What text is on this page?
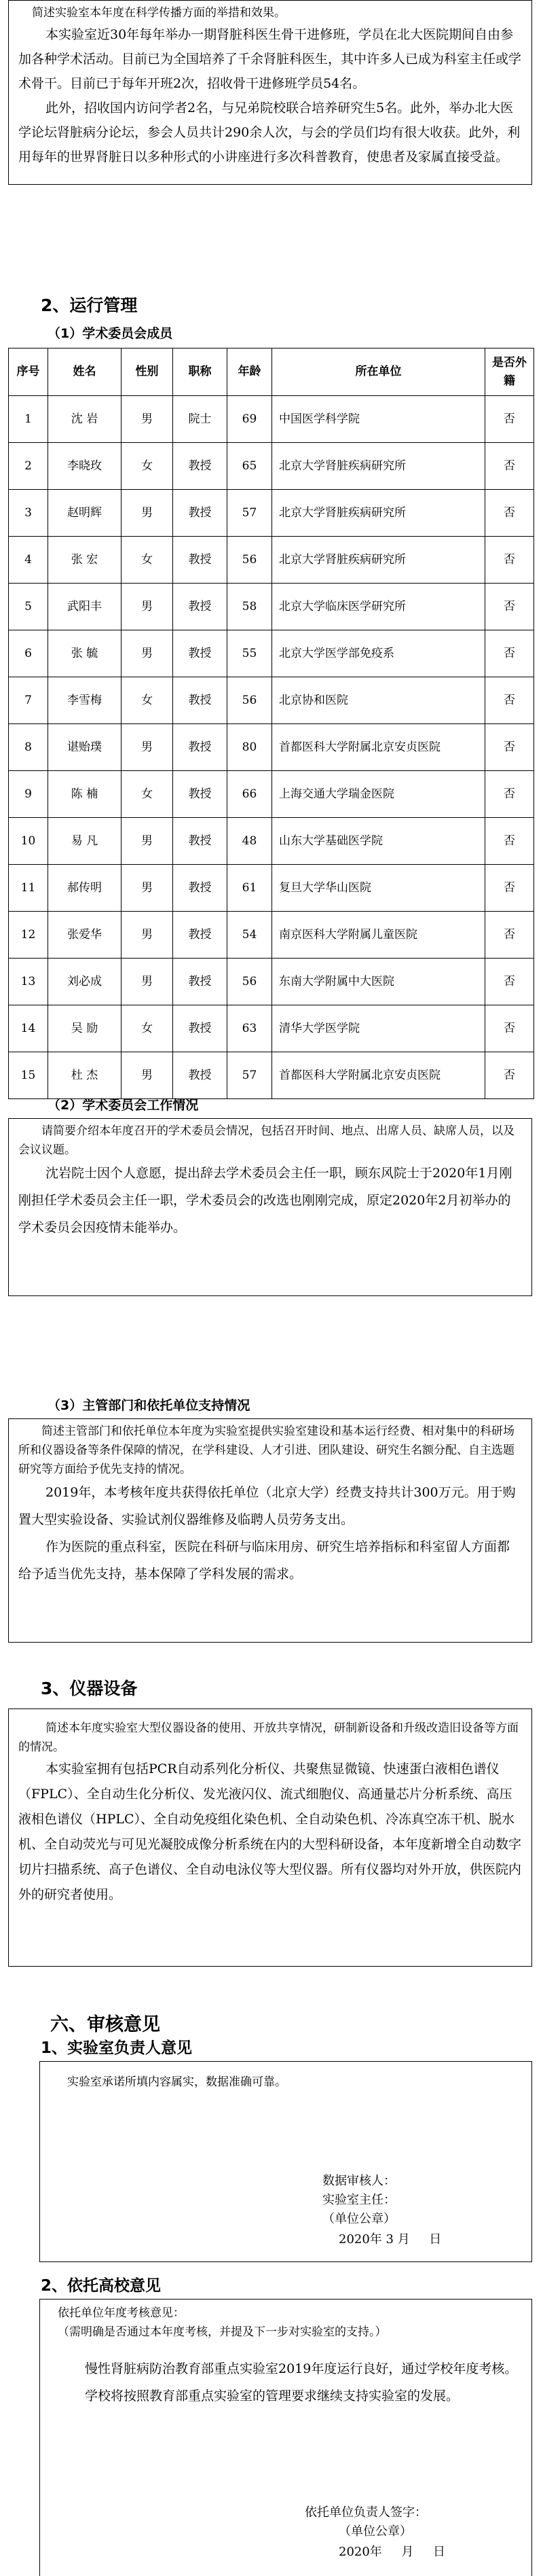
简述实验室本年度在科学传播方面的举措和效果。

本实验室近30年每年举办一期肾脏科医生骨干进修班，学员在北大医院期间自由参加各种学术活动。目前已为全国培养了千余肾脏科医生，其中许多人已成为科室主任或学术骨干。目前已于每年开班2次，招收骨干进修班学员54名。

此外，招收国内访问学者2名，与兄弟院校联合培养研究生5名。此外，举办北大医学论坛肾脏病分论坛，参会人员共计290余人次，与会的学员们均有很大收获。此外，利用每年的世界肾脏日以多种形式的小讲座进行多次科普教育，使患者及家属直接受益。

2、运行管理
（1）学术委员会成员
序号	姓名	性别	职称	年龄	所在单位	是否外籍
1	沈 岩	男	院士	69	中国医学科学院	否
2	李晓玫	女	教授	65	北京大学肾脏疾病研究所	否
3	赵明辉	男	教授	57	北京大学肾脏疾病研究所	否
4	张 宏	女	教授	56	北京大学肾脏疾病研究所	否
5	武阳丰	男	教授	58	北京大学临床医学研究所	否
6	张 毓	男	教授	55	北京大学医学部免疫系	否
7	李雪梅	女	教授	56	北京协和医院	否
8	谌贻璞	男	教授	80	首都医科大学附属北京安贞医院	否
9	陈 楠	女	教授	66	上海交通大学瑞金医院	否
10	易 凡	男	教授	48	山东大学基础医学院	否
11	郝传明	男	教授	61	复旦大学华山医院	否
12	张爱华	男	教授	54	南京医科大学附属儿童医院	否
13	刘必成	男	教授	56	东南大学附属中大医院	否
14	吴 励	女	教授	63	清华大学医学院	否
15	杜 杰	男	教授	57	首都医科大学附属北京安贞医院	否
（2）学术委员会工作情况
请简要介绍本年度召开的学术委员会情况，包括召开时间、地点、出席人员、缺席人员，以及会议议题。

沈岩院士因个人意愿，提出辞去学术委员会主任一职，顾东风院士于2020年1月刚刚担任学术委员会主任一职，学术委员会的改选也刚刚完成，原定2020年2月初举办的学术委员会因疫情未能举办。

（3）主管部门和依托单位支持情况
简述主管部门和依托单位本年度为实验室提供实验室建设和基本运行经费、相对集中的科研场所和仪器设备等条件保障的情况，在学科建设、人才引进、团队建设、研究生名额分配、自主选题研究等方面给予优先支持的情况。

2019年，本考核年度共获得依托单位（北京大学）经费支持共计300万元。用于购置大型实验设备、实验试剂仪器维修及临聘人员劳务支出。

作为医院的重点科室，医院在科研与临床用房、研究生培养指标和科室留人方面都给予适当优先支持，基本保障了学科发展的需求。

3、仪器设备
简述本年度实验室大型仪器设备的使用、开放共享情况，研制新设备和升级改造旧设备等方面的情况。

本实验室拥有包括PCR自动系列化分析仪、共聚焦显微镜、快速蛋白液相色谱仪（FPLC）、全自动生化分析仪、发光液闪仪、流式细胞仪、高通量芯片分析系统、高压液相色谱仪（HPLC）、全自动免疫组化染色机、全自动染色机、冷冻真空冻干机、脱水机、全自动荧光与可见光凝胶成像分析系统在内的大型科研设备，本年度新增全自动数字切片扫描系统、高子色谱仪、全自动电泳仪等大型仪器。所有仪器均对外开放，供医院内外的研究者使用。

六、审核意见
1、实验室负责人意见
实验室承诺所填内容属实，数据准确可靠。
数据审核人：
实验室主任：
（单位公章）
2020年 3 月     日
2、依托高校意见
依托单位年度考核意见：
（需明确是否通过本年度考核，并提及下一步对实验室的支持。）

慢性肾脏病防治教育部重点实验室2019年度运行良好，通过学校年度考核。

学校将按照教育部重点实验室的管理要求继续支持实验室的发展。

依托单位负责人签字：
（单位公章）
2020年     月     日
